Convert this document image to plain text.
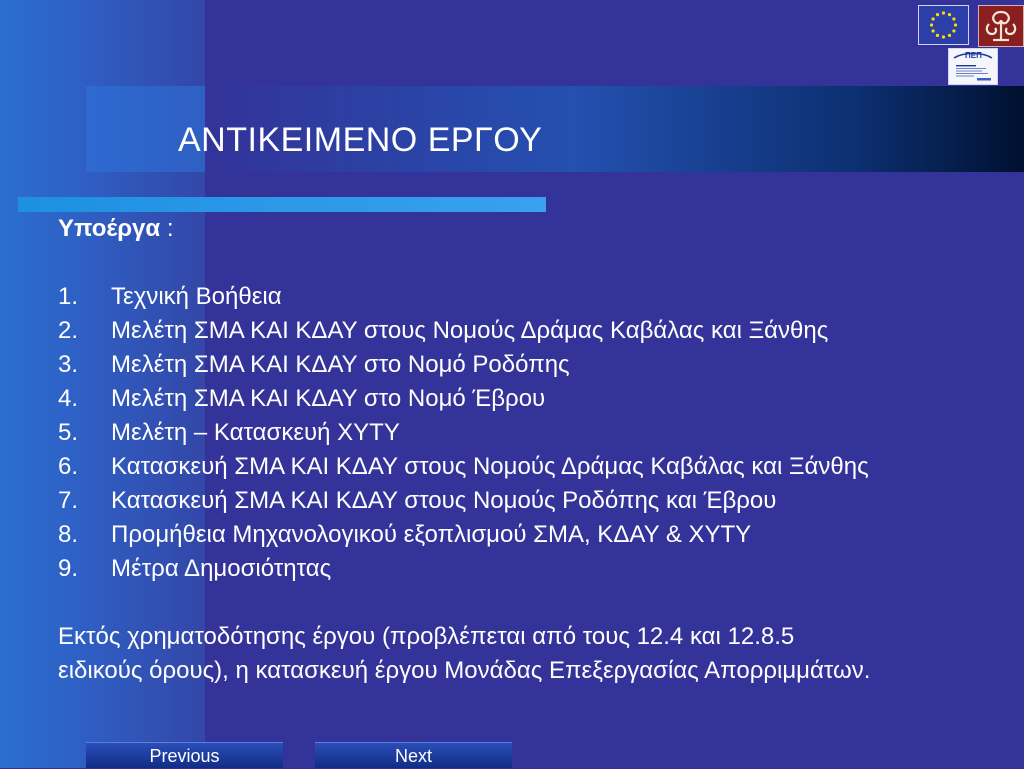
ΑΝΤΙΚΕΙΜΕΝΟ ΕΡΓΟΥ
ΠΕΠ
Υποέργα :
1.	Τεχνική Βοήθεια
2.	Μελέτη ΣΜΑ ΚΑΙ ΚΔΑΥ στους Νομούς Δράμας Καβάλας και Ξάνθης
3.	Μελέτη ΣΜΑ ΚΑΙ ΚΔΑΥ στο Νομό Ροδόπης
4.	Μελέτη ΣΜΑ ΚΑΙ ΚΔΑΥ στο Νομό Έβρου
5.	Μελέτη – Κατασκευή ΧΥΤΥ
6.	Κατασκευή ΣΜΑ ΚΑΙ ΚΔΑΥ στους Νομούς Δράμας Καβάλας και Ξάνθης
7.	Κατασκευή ΣΜΑ ΚΑΙ ΚΔΑΥ στους Νομούς Ροδόπης και Έβρου
8.	Προμήθεια Μηχανολογικού εξοπλισμού ΣΜΑ, ΚΔΑΥ & ΧΥΤΥ
9.	Μέτρα Δημοσιότητας
Εκτός χρηματοδότησης έργου (προβλέπεται από τους 12.4 και 12.8.5
ειδικούς όρους), η κατασκευή έργου Μονάδας Επεξεργασίας Απορριμμάτων.
Previous	Next
